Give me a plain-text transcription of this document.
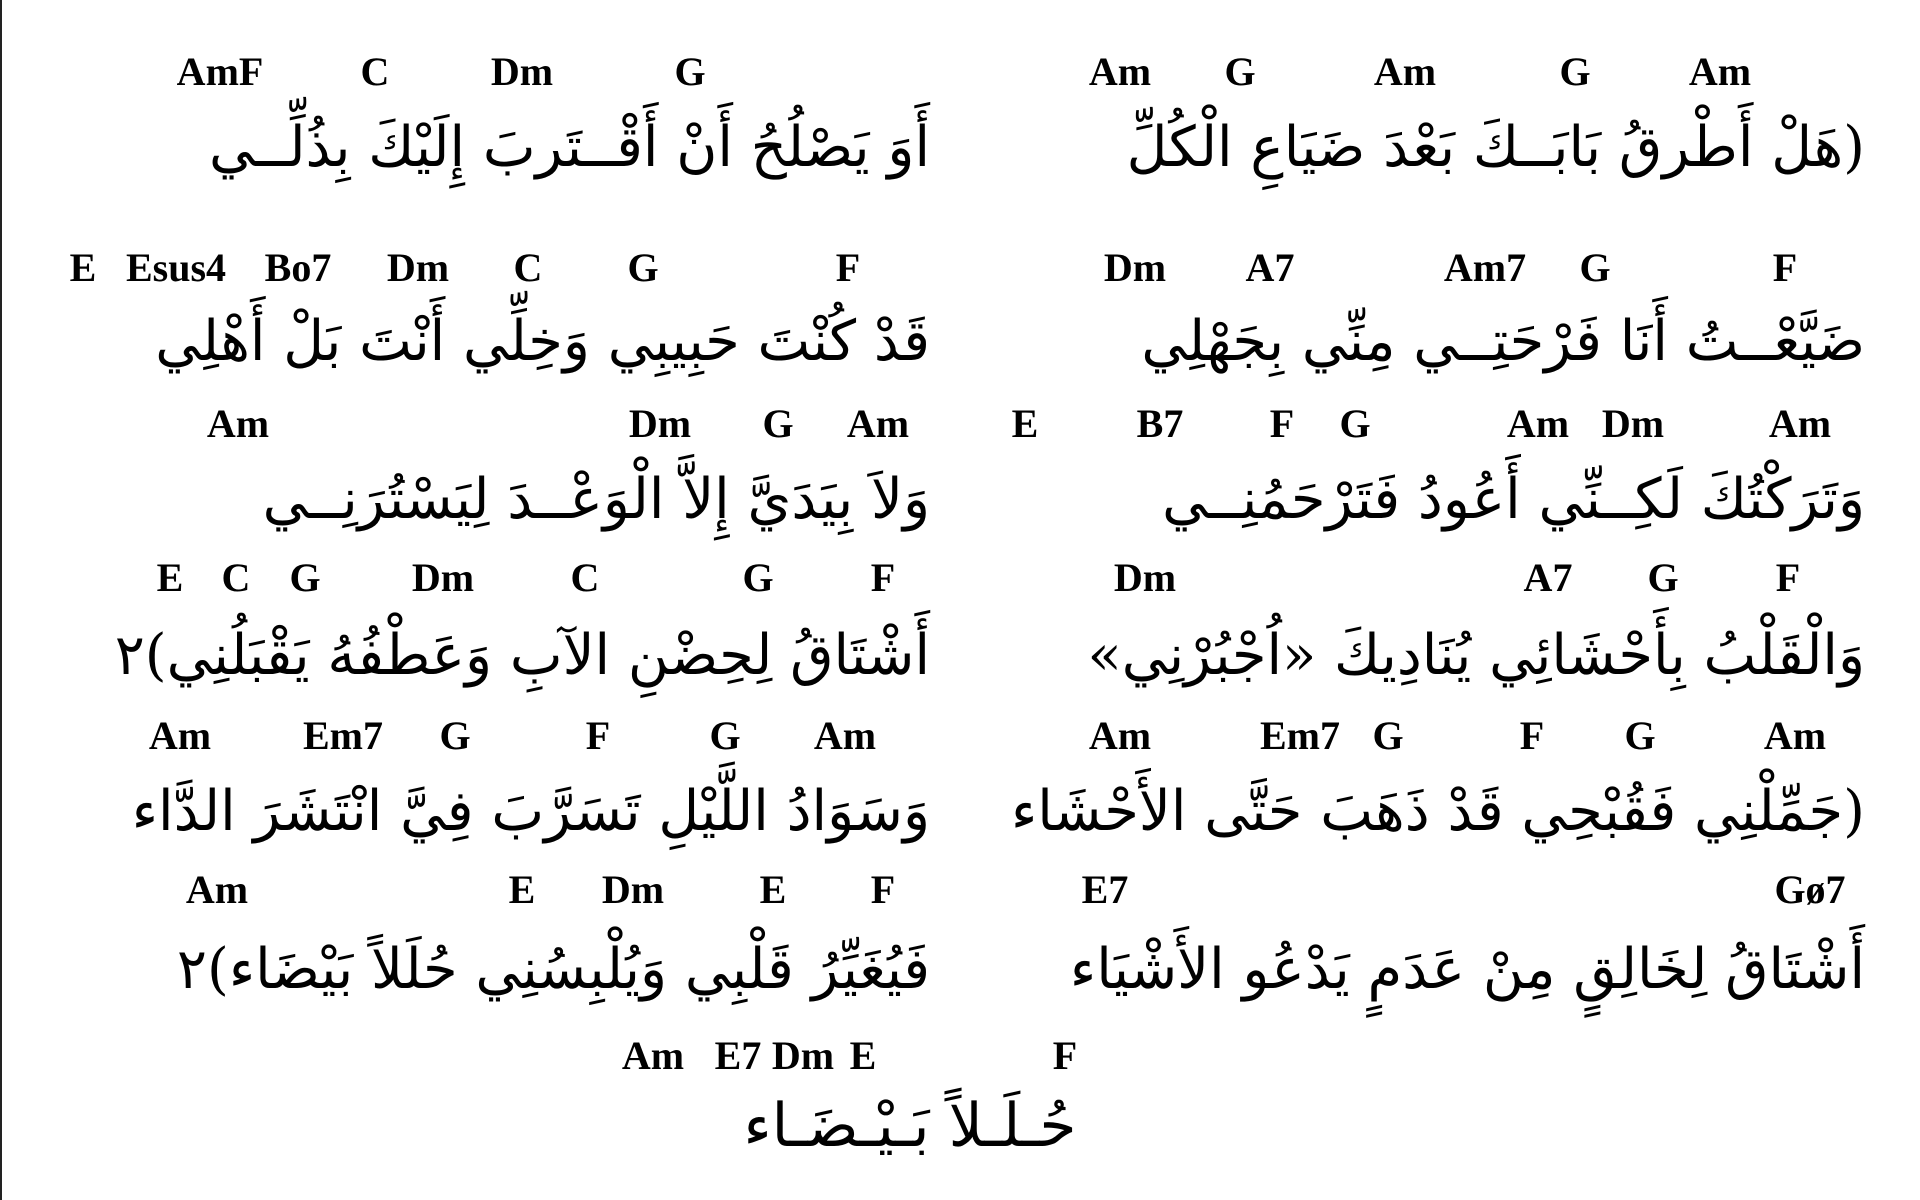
Am G	Am	G Am
(هَلْ أَطْرقُ بَابَــكَ بَعْدَ ضَيَاعِ الْكُلِّ
AmF C	Dm	G
أَوَ يَصْلُحُ أَنْ أَقْــتَربَ إِلَيْكَ بِذُلِّــي
Dm A7	Am7 G	F
ضَيَّعْــتُ أَنَا فَرْحَتِــي مِنِّي بِجَهْلِي
E Esus4 Bo7 Dm C G	F
قَدْ كُنْتَ حَبِيبِي وَخِلِّي أَنْتَ بَلْ أَهْلِي
E B7 F G	Am Dm	Am
وَتَرَكْتُكَ لَكِــنِّي أَعُودُ فَتَرْحَمُنِــي
Am	Dm G Am
وَلاَ بِيَدَيَّ إِلاَّ الْوَعْــدَ لِيَسْتُرَنِــي
Dm	A7 G F
وَالْقَلْبُ بِأَحْشَائِي يُنَادِيكَ «اُجْبُرْنِي»
E C G Dm C	G F
أَشْتَاقُ لِحِضْنِ الآبِ وَعَطْفُهُ يَقْبَلُنِي)٢
Am	Em7 G	F G	Am
(جَمِّلْنِي فَقُبْحِي قَدْ ذَهَبَ حَتَّى الأَحْشَاء
Am Em7 G	F G Am
وَسَوَادُ اللَّيْلِ تَسَرَّبَ فِيَّ انْتَشَرَ الدَّاء
E7	Gø7
أَشْتَاقُ لِخَالِقٍ مِنْ عَدَمٍ يَدْعُو الأَشْيَاء
Am	E Dm E F
فَيُغَيِّرُ قَلْبِي وَيُلْبِسُنِي حُلَلاً بَيْضَاء)٢
Am E7 Dm E	F
حُـلَـلاً بَـيْـضَـاء
